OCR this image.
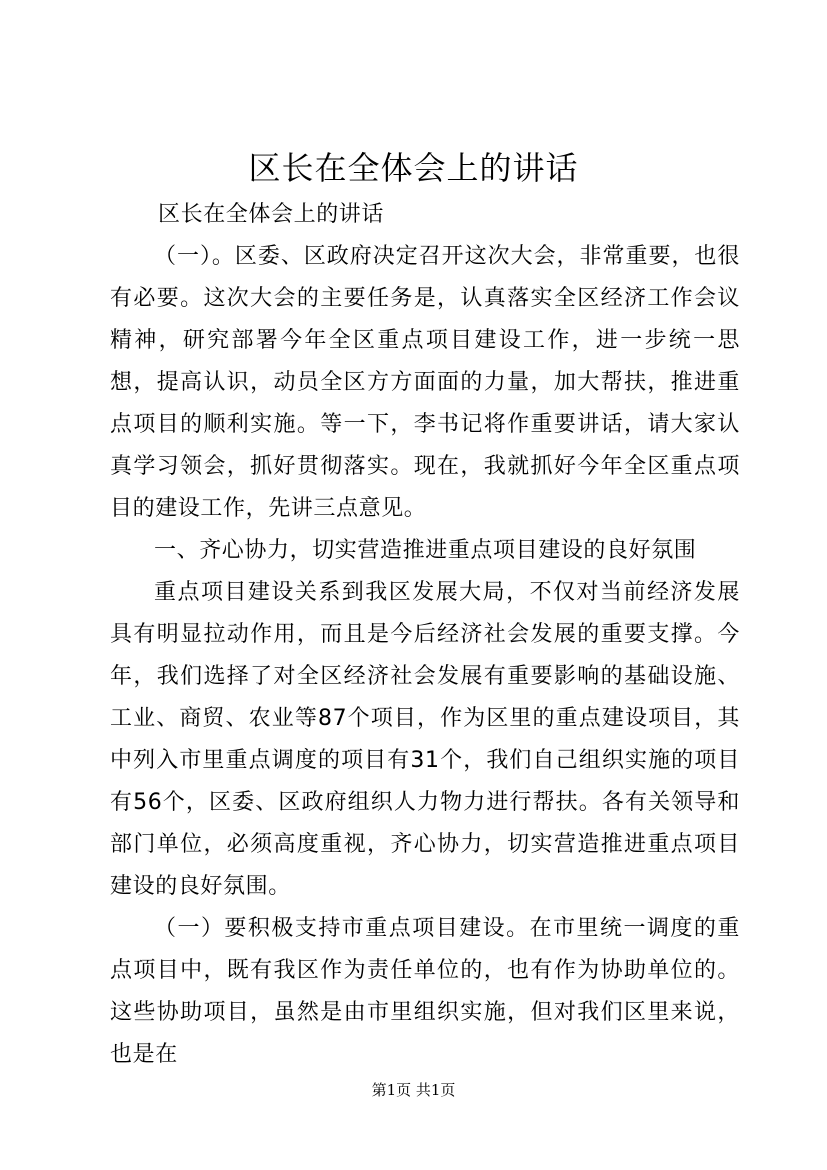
区长在全体会上的讲话

区长在全体会上的讲话

（一）。区委、区政府决定召开这次大会，非常重要，也很有必要。这次大会的主要任务是，认真落实全区经济工作会议精神，研究部署今年全区重点项目建设工作，进一步统一思想，提高认识，动员全区方方面面的力量，加大帮扶，推进重点项目的顺利实施。等一下，李书记将作重要讲话，请大家认真学习领会，抓好贯彻落实。现在，我就抓好今年全区重点项目的建设工作，先讲三点意见。

一、齐心协力，切实营造推进重点项目建设的良好氛围

重点项目建设关系到我区发展大局，不仅对当前经济发展具有明显拉动作用，而且是今后经济社会发展的重要支撑。今年，我们选择了对全区经济社会发展有重要影响的基础设施、工业、商贸、农业等87个项目，作为区里的重点建设项目，其中列入市里重点调度的项目有31个，我们自己组织实施的项目有56个，区委、区政府组织人力物力进行帮扶。各有关领导和部门单位，必须高度重视，齐心协力，切实营造推进重点项目建设的良好氛围。

（一）要积极支持市重点项目建设。在市里统一调度的重点项目中，既有我区作为责任单位的，也有作为协助单位的。这些协助项目，虽然是由市里组织实施，但对我们区里来说，也是在

第1页 共1页
